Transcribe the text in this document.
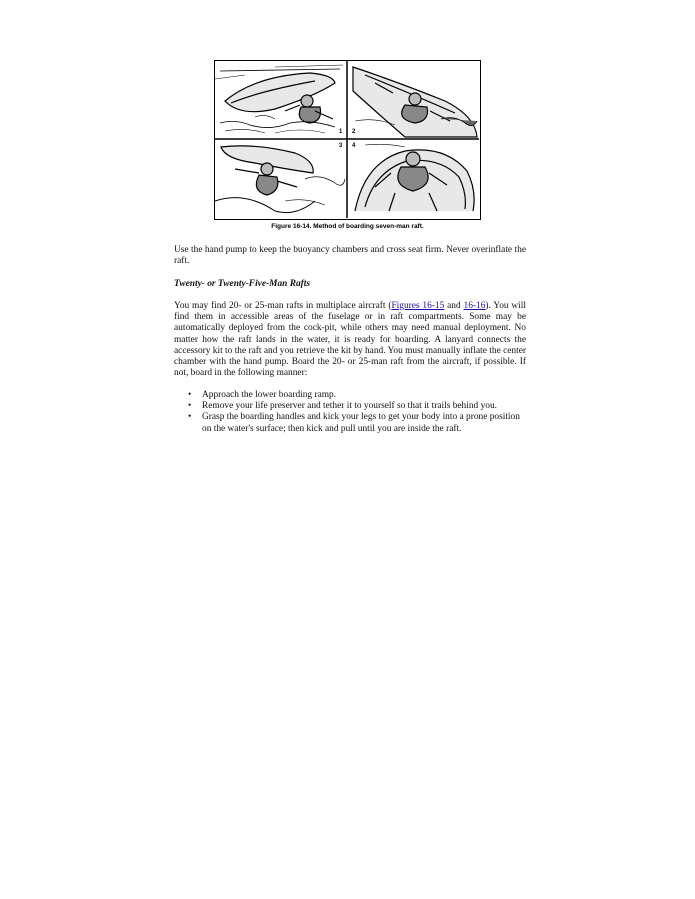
1 2
3 4
Figure 16-14. Method of boarding seven-man raft.

Use the hand pump to keep the buoyancy chambers and cross seat firm. Never overinflate the raft.

Twenty- or Twenty-Five-Man Rafts

You may find 20- or 25-man rafts in multiplace aircraft (Figures 16-15 and 16-16). You will find them in accessible areas of the fuselage or in raft compartments. Some may be automatically deployed from the cock-pit, while others may need manual deployment. No matter how the raft lands in the water, it is ready for boarding. A lanyard connects the accessory kit to the raft and you retrieve the kit by hand. You must manually inflate the center chamber with the hand pump. Board the 20- or 25-man raft from the aircraft, if possible. If not, board in the following manner:

• Approach the lower boarding ramp.
• Remove your life preserver and tether it to yourself so that it trails behind you.
• Grasp the boarding handles and kick your legs to get your body into a prone position on the water's surface; then kick and pull until you are inside the raft.
